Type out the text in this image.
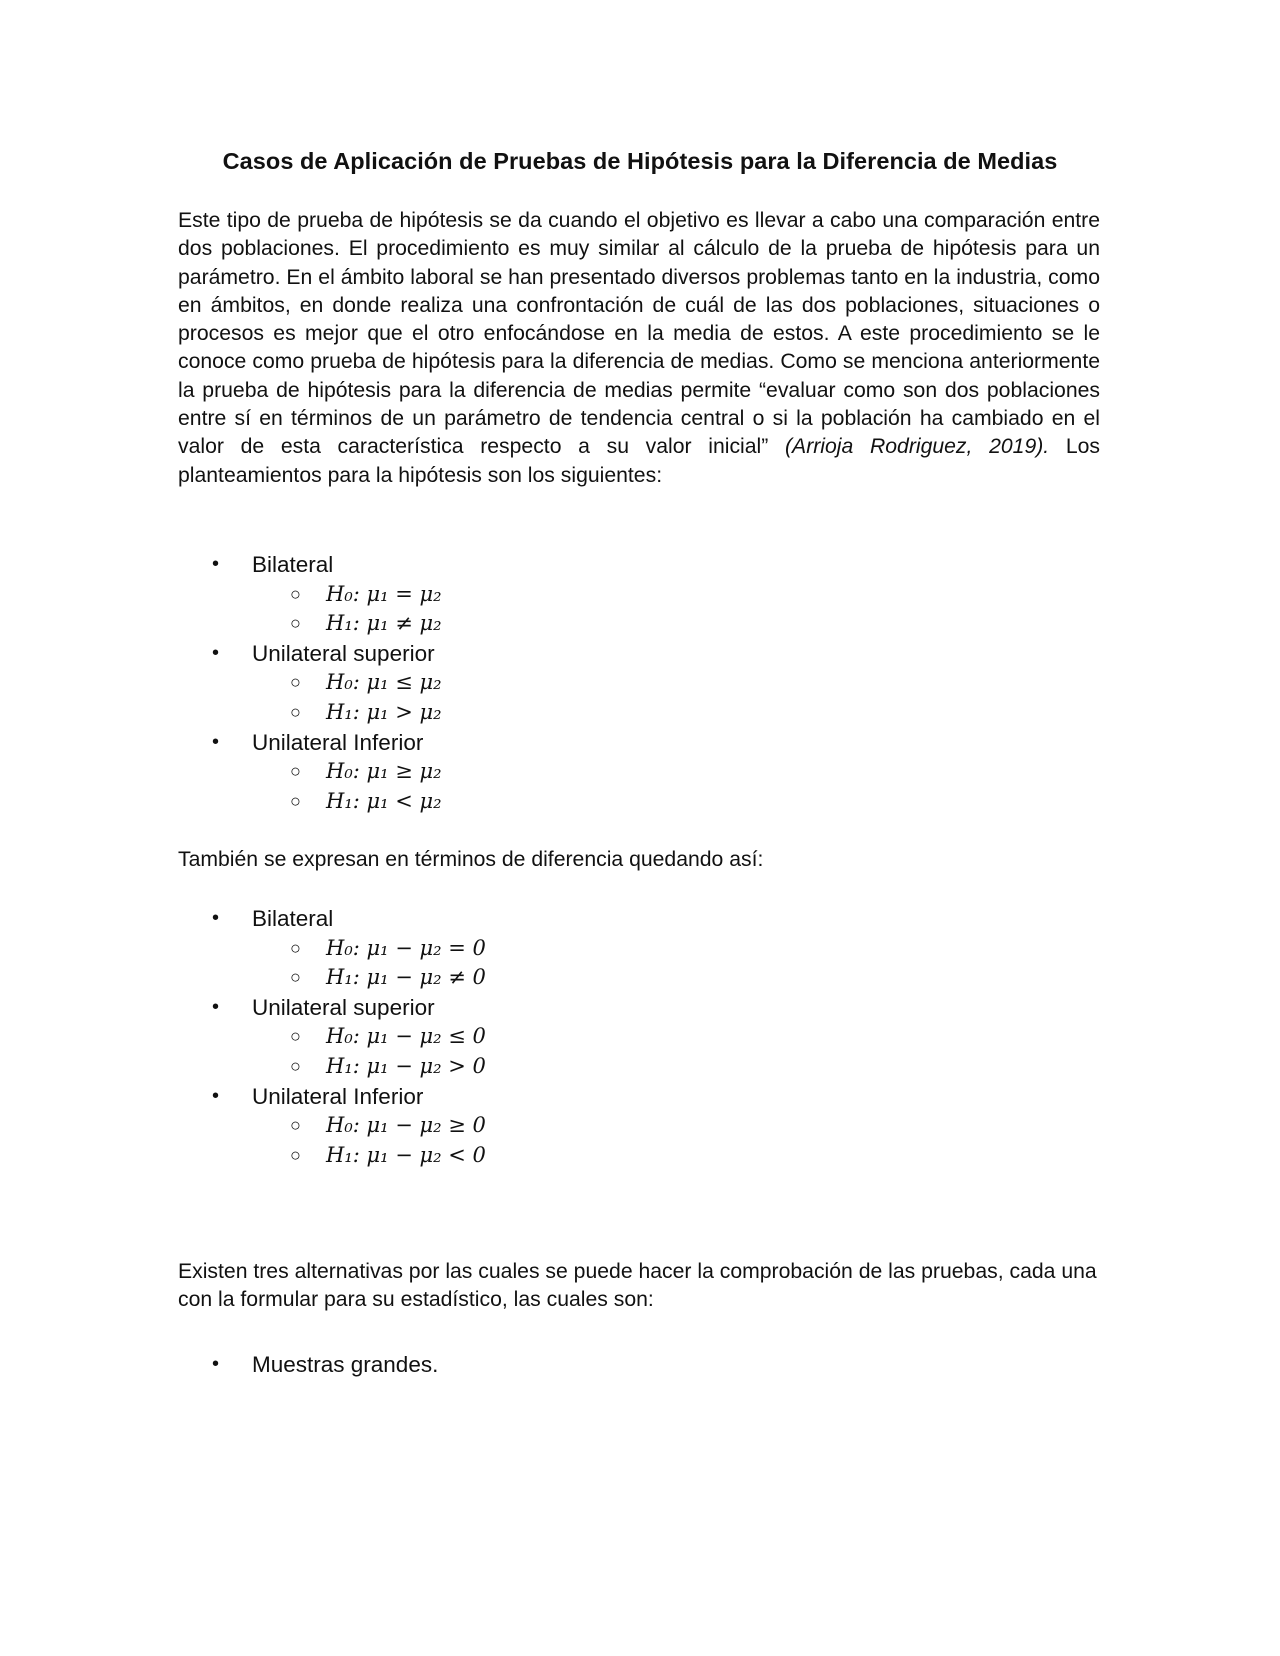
Casos de Aplicación de Pruebas de Hipótesis para la Diferencia de Medias
Este tipo de prueba de hipótesis se da cuando el objetivo es llevar a cabo una comparación entre dos poblaciones. El procedimiento es muy similar al cálculo de la prueba de hipótesis para un parámetro. En el ámbito laboral se han presentado diversos problemas tanto en la industria, como en ámbitos, en donde realiza una confrontación de cuál de las dos poblaciones, situaciones o procesos es mejor que el otro enfocándose en la media de estos. A este procedimiento se le conoce como prueba de hipótesis para la diferencia de medias. Como se menciona anteriormente la prueba de hipótesis para la diferencia de medias permite “evaluar como son dos poblaciones entre sí en términos de un parámetro de tendencia central o si la población ha cambiado en el valor de esta característica respecto a su valor inicial” (Arrioja Rodriguez, 2019). Los planteamientos para la hipótesis son los siguientes:
• Bilateral
○ H₀: μ₁ = μ₂
○ H₁: μ₁ ≠ μ₂
• Unilateral superior
○ H₀: μ₁ ≤ μ₂
○ H₁: μ₁ > μ₂
• Unilateral Inferior
○ H₀: μ₁ ≥ μ₂
○ H₁: μ₁ < μ₂
También se expresan en términos de diferencia quedando así:
• Bilateral
○ H₀: μ₁ − μ₂ = 0
○ H₁: μ₁ − μ₂ ≠ 0
• Unilateral superior
○ H₀: μ₁ − μ₂ ≤ 0
○ H₁: μ₁ − μ₂ > 0
• Unilateral Inferior
○ H₀: μ₁ − μ₂ ≥ 0
○ H₁: μ₁ − μ₂ < 0
Existen tres alternativas por las cuales se puede hacer la comprobación de las pruebas, cada una con la formular para su estadístico, las cuales son:
• Muestras grandes.
